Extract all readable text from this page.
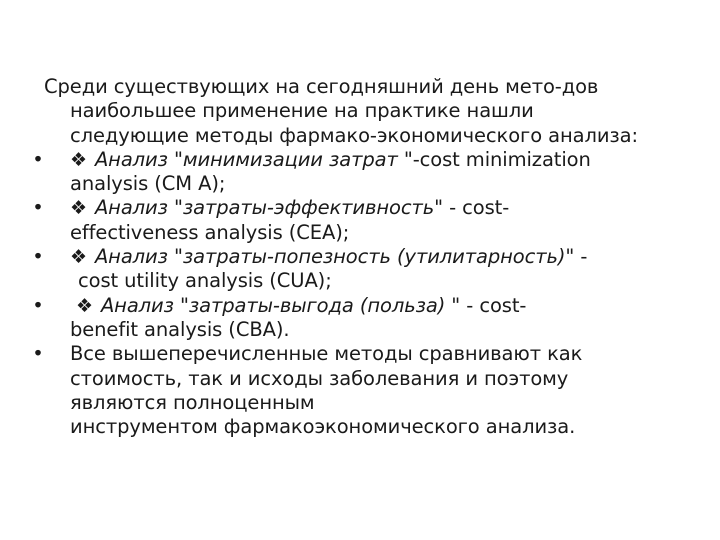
Среди существующих на сегодняшний день мето-дов
наибольшее применение на практике нашли
следующие методы фармако-экономического анализа:
• ❖ Анализ "минимизации затрат "-cost minimization
analysis (CM A);
• ❖ Анализ "затраты-эффективность" - cost-
effectiveness analysis (CEA);
• ❖ Анализ "затраты-попезность (утилитарность)" -
cost utility analysis (CUA);
• ❖ Анализ "затраты-выгода (польза) " - cost-
benefit analysis (CBA).
• Все вышеперечисленные методы сравнивают как
стоимость, так и исходы заболевания и поэтому
являются полноценным
инструментом фармакоэкономического анализа.
